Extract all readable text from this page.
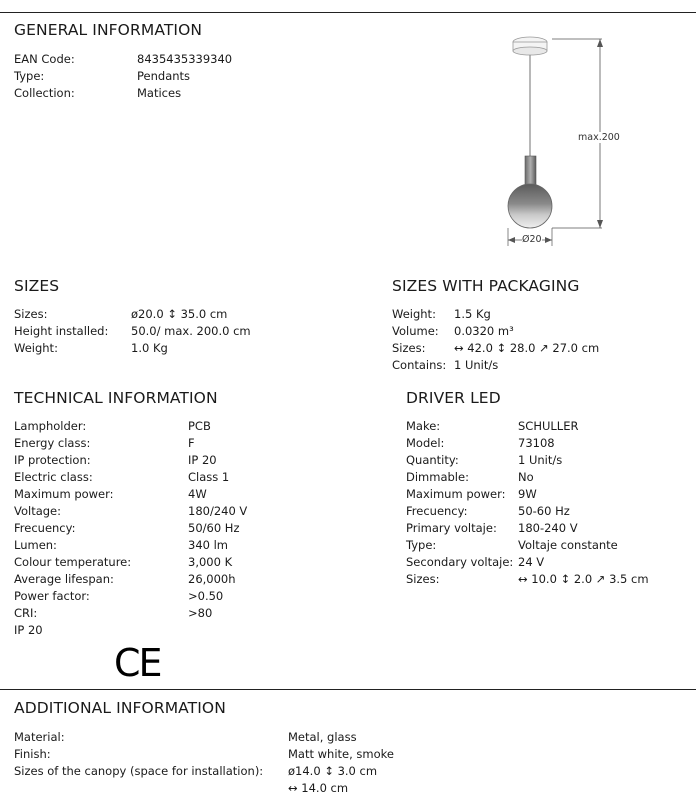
GENERAL INFORMATION
EAN Code:	8435435339340
Type:	Pendants
Collection:	Matices
max.200
Ø20
SIZES
Sizes:	ø20.0 ↕ 35.0 cm
Height installed: 50.0/ max. 200.0 cm
Weight:	1.0 Kg
SIZES WITH PACKAGING
Weight: 1.5 Kg
Volume: 0.0320 m³
Sizes: ↔ 42.0 ↕ 28.0 ↗ 27.0 cm
Contains: 1 Unit/s
TECHNICAL INFORMATION
Lampholder:	PCB
Energy class:	F
IP protection:	IP 20
Electric class:	Class 1
Maximum power:	4W
Voltage:	180/240 V
Frecuency:	50/60 Hz
Lumen:	340 lm
Colour temperature:	3,000 K
Average lifespan:	26,000h
Power factor:	>0.50
CRI:	>80
IP 20
CE
DRIVER LED
Make:	SCHULLER
Model:	73108
Quantity:	1 Unit/s
Dimmable:	No
Maximum power: 9W
Frecuency:	50-60 Hz
Primary voltaje: 180-240 V
Type:	Voltaje constante
Secondary voltaje: 24 V
Sizes:	↔ 10.0 ↕ 2.0 ↗ 3.5 cm
ADDITIONAL INFORMATION
Material:	Metal, glass
Finish:	Matt white, smoke
Sizes of the canopy (space for installation): ø14.0 ↕ 3.0 cm
↔ 14.0 cm
